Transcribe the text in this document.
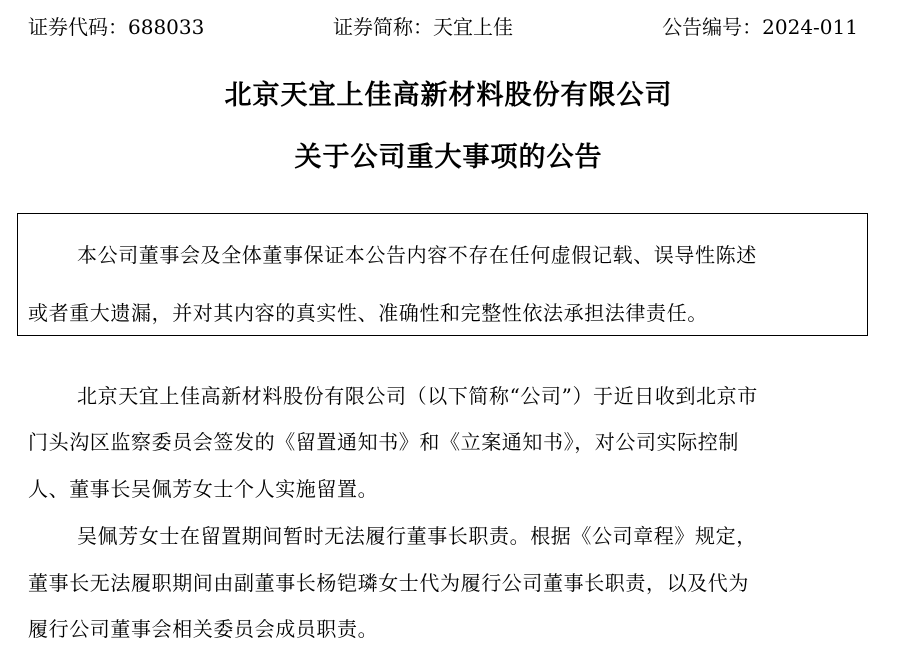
证券代码：688033	证券简称：天宜上佳	公告编号：2024-011
北京天宜上佳高新材料股份有限公司
关于公司重大事项的公告
本公司董事会及全体董事保证本公告内容不存在任何虚假记载、误导性陈述
或者重大遗漏，并对其内容的真实性、准确性和完整性依法承担法律责任。
北京天宜上佳高新材料股份有限公司（以下简称“公司”）于近日收到北京市
门头沟区监察委员会签发的《留置通知书》和《立案通知书》，对公司实际控制
人、董事长吴佩芳女士个人实施留置。
吴佩芳女士在留置期间暂时无法履行董事长职责。根据《公司章程》规定，
董事长无法履职期间由副董事长杨铠璘女士代为履行公司董事长职责，以及代为
履行公司董事会相关委员会成员职责。
